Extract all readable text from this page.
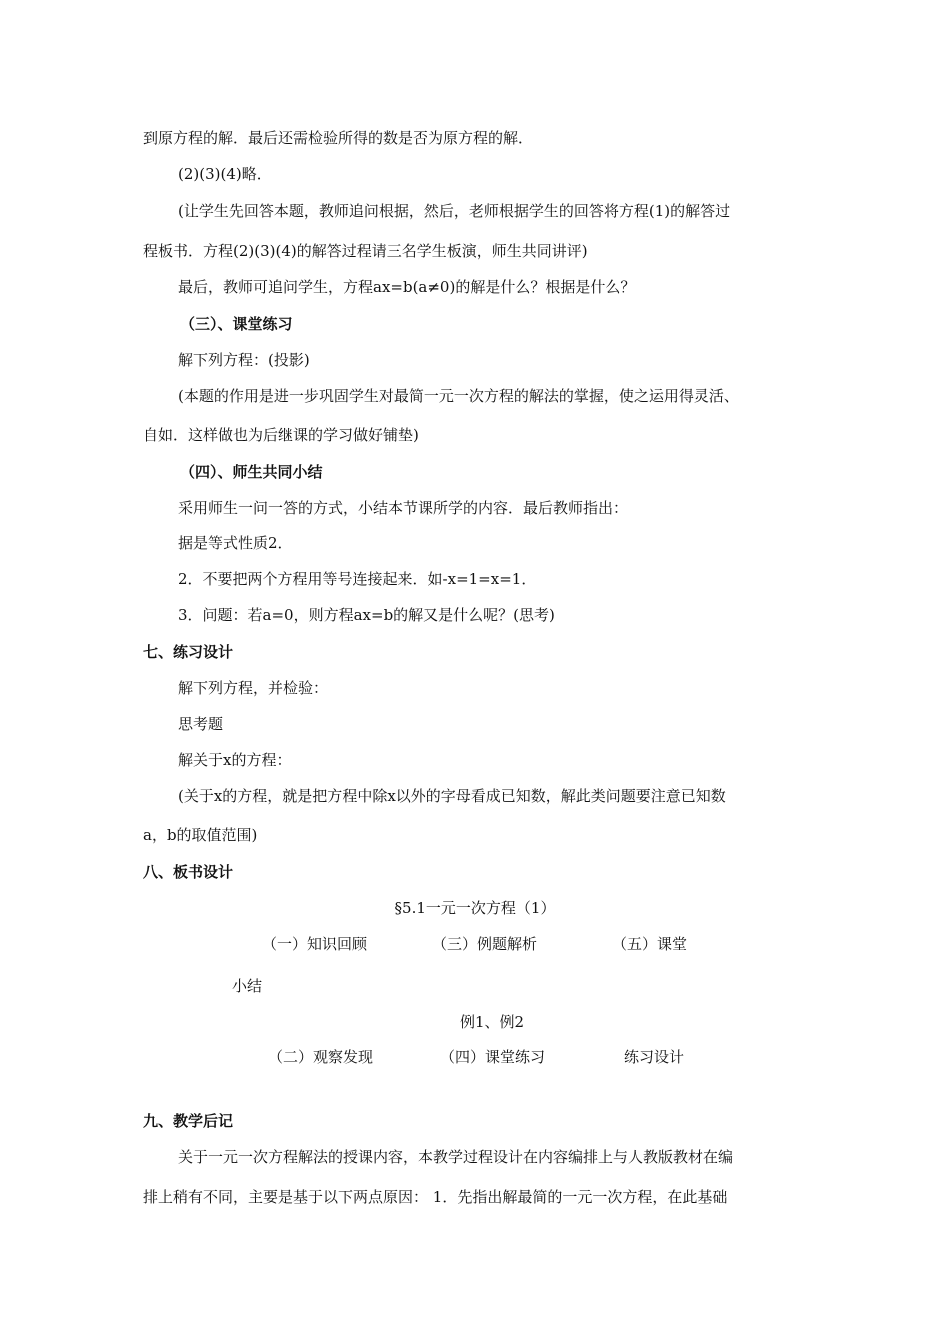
到原方程的解．最后还需检验所得的数是否为原方程的解．
(2)(3)(4)略．
(让学生先回答本题，教师追问根据，然后，老师根据学生的回答将方程(1)的解答过
程板书．方程(2)(3)(4)的解答过程请三名学生板演，师生共同讲评)
最后，教师可追问学生，方程ax=b(a≠0)的解是什么？根据是什么？
（三）、课堂练习
解下列方程：(投影)
(本题的作用是进一步巩固学生对最简一元一次方程的解法的掌握，使之运用得灵活、
自如．这样做也为后继课的学习做好铺垫)
（四）、师生共同小结
采用师生一问一答的方式，小结本节课所学的内容．最后教师指出：
据是等式性质2．
2．不要把两个方程用等号连接起来．如-x=1=x=1．
3．问题：若a=0，则方程ax=b的解又是什么呢？(思考)
七、练习设计
解下列方程，并检验：
思考题
解关于x的方程：
(关于x的方程，就是把方程中除x以外的字母看成已知数，解此类问题要注意已知数
a，b的取值范围)
八、板书设计
§5.1一元一次方程（1）
（一）知识回顾	（三）例题解析	（五）课堂
小结
例1、例2
（二）观察发现	（四）课堂练习	练习设计
九、教学后记
关于一元一次方程解法的授课内容，本教学过程设计在内容编排上与人教版教材在编
排上稍有不同，主要是基于以下两点原因： 1．先指出解最简的一元一次方程，在此基础
